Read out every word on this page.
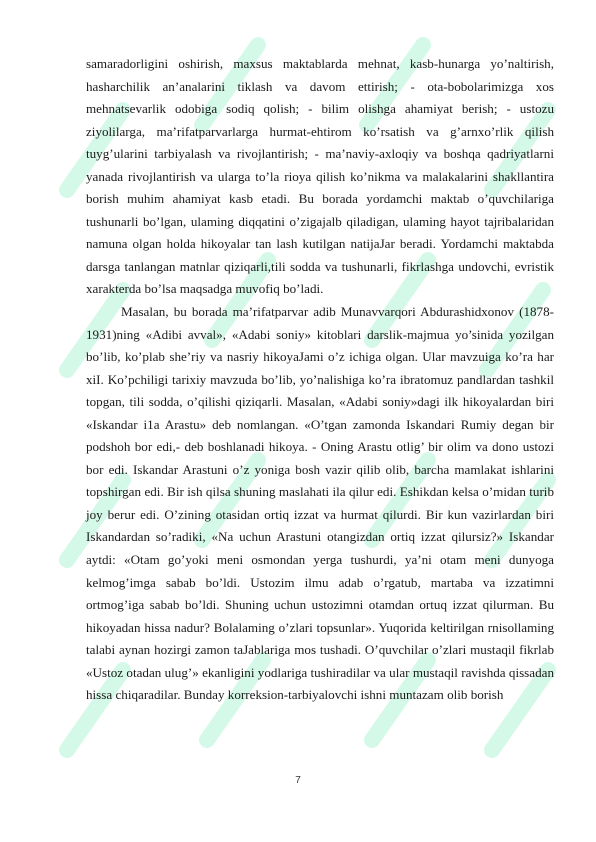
samaradorligini oshirish, maxsus maktablarda mehnat, kasb-hunarga yo’naltirish, hasharchilik an’analarini tiklash va davom ettirish; - ota-bobolarimizga xos mehnatsevarlik odobiga sodiq qolish; - bilim olishga ahamiyat berish; - ustozu ziyolilarga, ma’rifatparvarlarga hurmat-ehtirom ko’rsatish va g’arnxo’rlik qilish tuyg’ularini tarbiyalash va rivojlantirish; - ma’naviy-axloqiy va boshqa qadriyatlarni yanada rivojlantirish va ularga to’la rioya qilish ko’nikma va malakalarini shakllantira borish muhim ahamiyat kasb etadi. Bu borada yordamchi maktab o’quvchilariga tushunarli bo’lgan, ulaming diqqatini o’zigajalb qiladigan, ulaming hayot tajribalaridan namuna olgan holda hikoyalar tan lash kutilgan natijaJar beradi. Yordamchi maktabda darsga tanlangan matnlar qiziqarli,tili sodda va tushunarli, fikrlashga undovchi, evristik xarakterda bo’lsa maqsadga muvofiq bo’ladi.

Masalan, bu borada ma’rifatparvar adib Munavvarqori Abdurashidxonov (1878- 1931)ning «Adibi avval», «Adabi soniy» kitoblari darslik-majmua yo’sinida yozilgan bo’lib, ko’plab she’riy va nasriy hikoyaJami o’z ichiga olgan. Ular mavzuiga ko’ra har xiI. Ko’pchiligi tarixiy mavzuda bo’lib, yo’nalishiga ko’ra ibratomuz pandlardan tashkil topgan, tili sodda, o’qilishi qiziqarli. Masalan, «Adabi soniy»dagi ilk hikoyalardan biri «Iskandar i1a Arastu» deb nomlangan. «O’tgan zamonda Iskandari Rumiy degan bir podshoh bor edi,- deb boshlanadi hikoya. - Oning Arastu otlig’ bir olim va dono ustozi bor edi. Iskandar Arastuni o’z yoniga bosh vazir qilib olib, barcha mamlakat ishlarini topshirgan edi. Bir ish qilsa shuning maslahati ila qilur edi. Eshikdan kelsa o’midan turib joy berur edi. O’zining otasidan ortiq izzat va hurmat qilurdi. Bir kun vazirlardan biri Iskandardan so’radiki, «Na uchun Arastuni otangizdan ortiq izzat qilursiz?» Iskandar aytdi: «Otam go’yoki meni osmondan yerga tushurdi, ya’ni otam meni dunyoga kelmog’imga sabab bo’ldi. Ustozim ilmu adab o’rgatub, martaba va izzatimni ortmog’iga sabab bo’ldi. Shuning uchun ustozimni otamdan ortuq izzat qilurman. Bu hikoyadan hissa nadur? Bolalaming o’zlari topsunlar». Yuqorida keltirilgan rnisollaming talabi aynan hozirgi zamon taJablariga mos tushadi. O’quvchilar o’zlari mustaqil fikrlab «Ustoz otadan ulug’» ekanligini yodlariga tushiradilar va ular mustaqil ravishda qissadan hissa chiqaradilar. Bunday korreksion-tarbiyalovchi ishni muntazam olib borish

7
